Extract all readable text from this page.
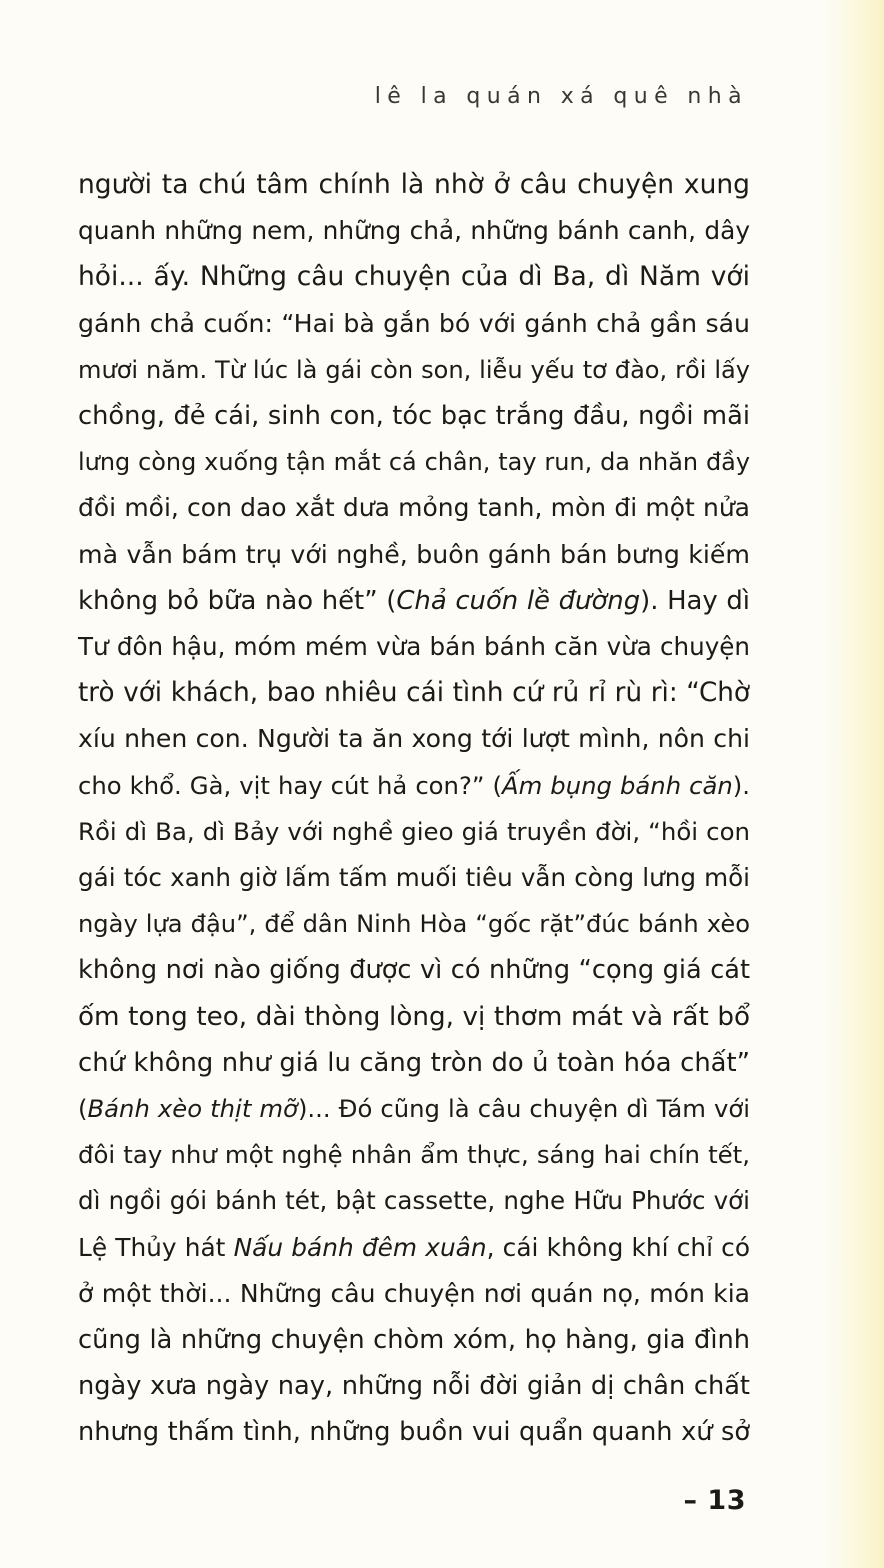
lê la quán xá quê nhà
người ta chú tâm chính là nhờ ở câu chuyện xung
quanh những nem, những chả, những bánh canh, dây
hỏi... ấy. Những câu chuyện của dì Ba, dì Năm với
gánh chả cuốn: “Hai bà gắn bó với gánh chả gần sáu
mươi năm. Từ lúc là gái còn son, liễu yếu tơ đào, rồi lấy
chồng, đẻ cái, sinh con, tóc bạc trắng đầu, ngồi mãi
lưng còng xuống tận mắt cá chân, tay run, da nhăn đầy
đồi mồi, con dao xắt dưa mỏng tanh, mòn đi một nửa
mà vẫn bám trụ với nghề, buôn gánh bán bưng kiếm
không bỏ bữa nào hết” (Chả cuốn lề đường). Hay dì
Tư đôn hậu, móm mém vừa bán bánh căn vừa chuyện
trò với khách, bao nhiêu cái tình cứ rủ rỉ rù rì: “Chờ
xíu nhen con. Người ta ăn xong tới lượt mình, nôn chi
cho khổ. Gà, vịt hay cút hả con?” (Ấm bụng bánh căn).
Rồi dì Ba, dì Bảy với nghề gieo giá truyền đời, “hồi con
gái tóc xanh giờ lấm tấm muối tiêu vẫn còng lưng mỗi
ngày lựa đậu”, để dân Ninh Hòa “gốc rặt”đúc bánh xèo
không nơi nào giống được vì có những “cọng giá cát
ốm tong teo, dài thòng lòng, vị thơm mát và rất bổ
chứ không như giá lu căng tròn do ủ toàn hóa chất”
(Bánh xèo thịt mỡ)... Đó cũng là câu chuyện dì Tám với
đôi tay như một nghệ nhân ẩm thực, sáng hai chín tết,
dì ngồi gói bánh tét, bật cassette, nghe Hữu Phước với
Lệ Thủy hát Nấu bánh đêm xuân, cái không khí chỉ có
ở một thời... Những câu chuyện nơi quán nọ, món kia
cũng là những chuyện chòm xóm, họ hàng, gia đình
ngày xưa ngày nay, những nỗi đời giản dị chân chất
nhưng thấm tình, những buồn vui quẩn quanh xứ sở
– 13
